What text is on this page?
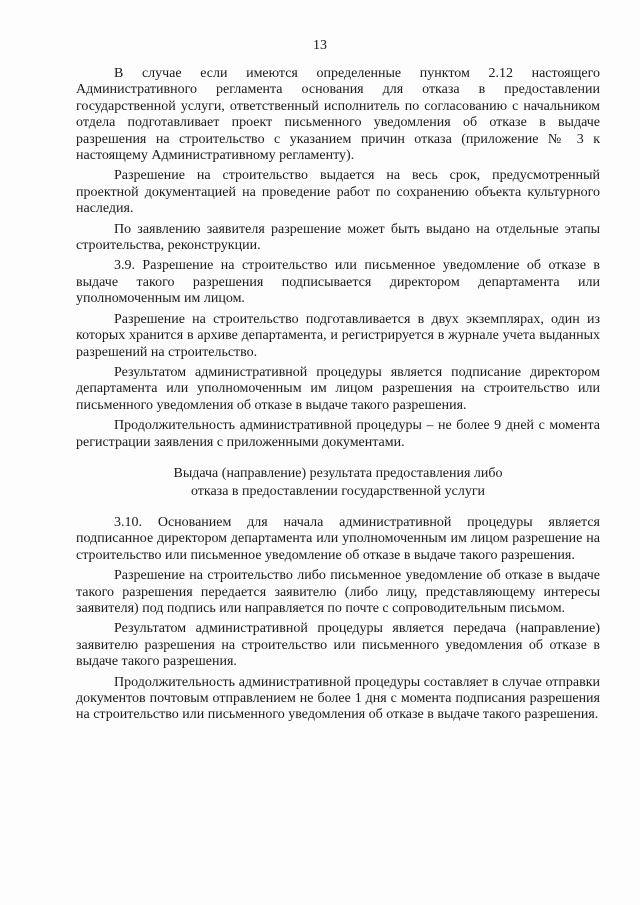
13

В случае если имеются определенные пунктом 2.12 настоящего Административного регламента основания для отказа в предоставлении государственной услуги, ответственный исполнитель по согласованию с начальником отдела подготавливает проект письменного уведомления об отказе в выдаче разрешения на строительство с указанием причин отказа (приложение № 3 к настоящему Административному регламенту).

Разрешение на строительство выдается на весь срок, предусмотренный проектной документацией на проведение работ по сохранению объекта культурного наследия.

По заявлению заявителя разрешение может быть выдано на отдельные этапы строительства, реконструкции.

3.9. Разрешение на строительство или письменное уведомление об отказе в выдаче такого разрешения подписывается директором департамента или уполномоченным им лицом.

Разрешение на строительство подготавливается в двух экземплярах, один из которых хранится в архиве департамента, и регистрируется в журнале учета выданных разрешений на строительство.

Результатом административной процедуры является подписание директором департамента или уполномоченным им лицом разрешения на строительство или письменного уведомления об отказе в выдаче такого разрешения.

Продолжительность административной процедуры – не более 9 дней с момента регистрации заявления с приложенными документами.

Выдача (направление) результата предоставления либо
отказа в предоставлении государственной услуги

3.10. Основанием для начала административной процедуры является подписанное директором департамента или уполномоченным им лицом разрешение на строительство или письменное уведомление об отказе в выдаче такого разрешения.

Разрешение на строительство либо письменное уведомление об отказе в выдаче такого разрешения передается заявителю (либо лицу, представляющему интересы заявителя) под подпись или направляется по почте с сопроводительным письмом.

Результатом административной процедуры является передача (направление) заявителю разрешения на строительство или письменного уведомления об отказе в выдаче такого разрешения.

Продолжительность административной процедуры составляет в случае отправки документов почтовым отправлением не более 1 дня с момента подписания разрешения на строительство или письменного уведомления об отказе в выдаче такого разрешения.
